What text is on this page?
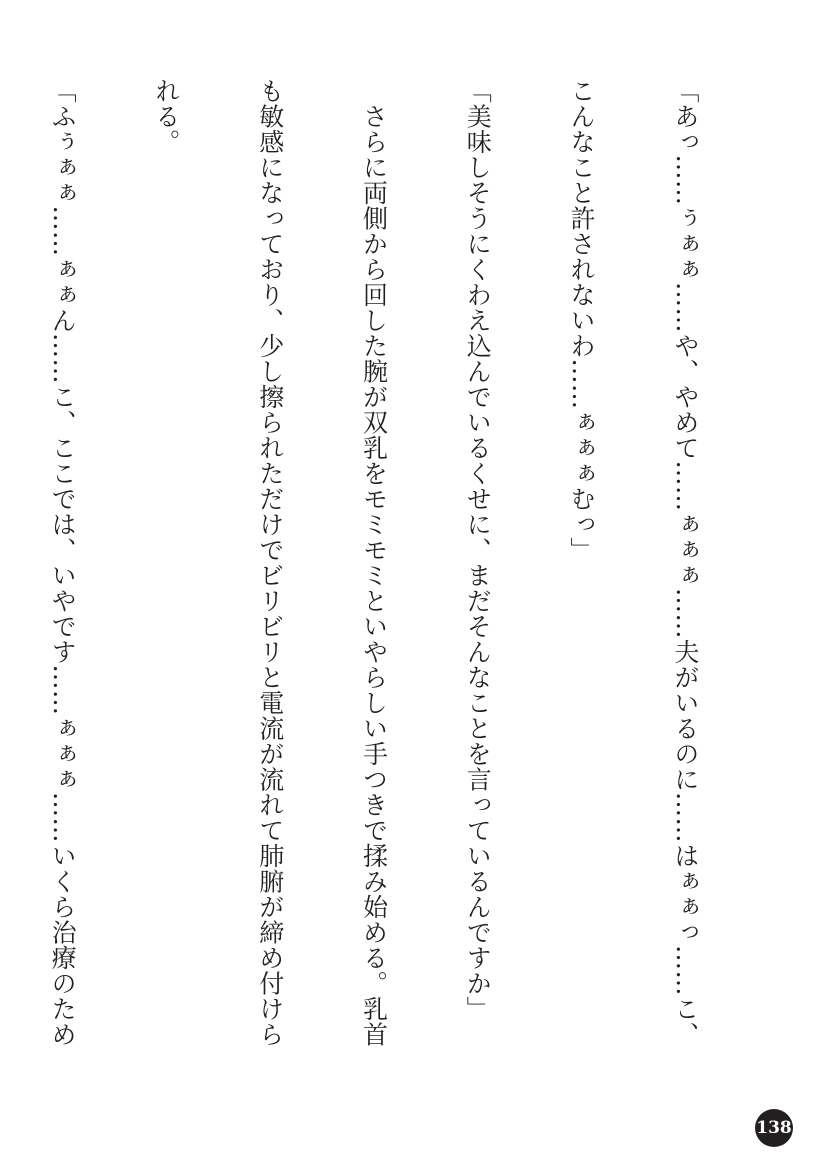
「あっ……ぅぁぁ……や、やめて……ぁぁぁ……夫がいるのに……はぁぁっ……こ、

こんなこと許されないわ……ぁぁぁむっ」

「美味しそうにくわえ込んでいるくせに、まだそんなことを言っているんですか」

　さらに両側から回した腕が双乳をモミモミといやらしい手つきで揉み始める。乳首

も敏感になっており、少し擦られただけでビリビリと電流が流れて肺腑が締め付けら

れる。

「ふぅぁぁ……ぁぁん……こ、ここでは、いやです……ぁぁぁ……いくら治療のため

138
